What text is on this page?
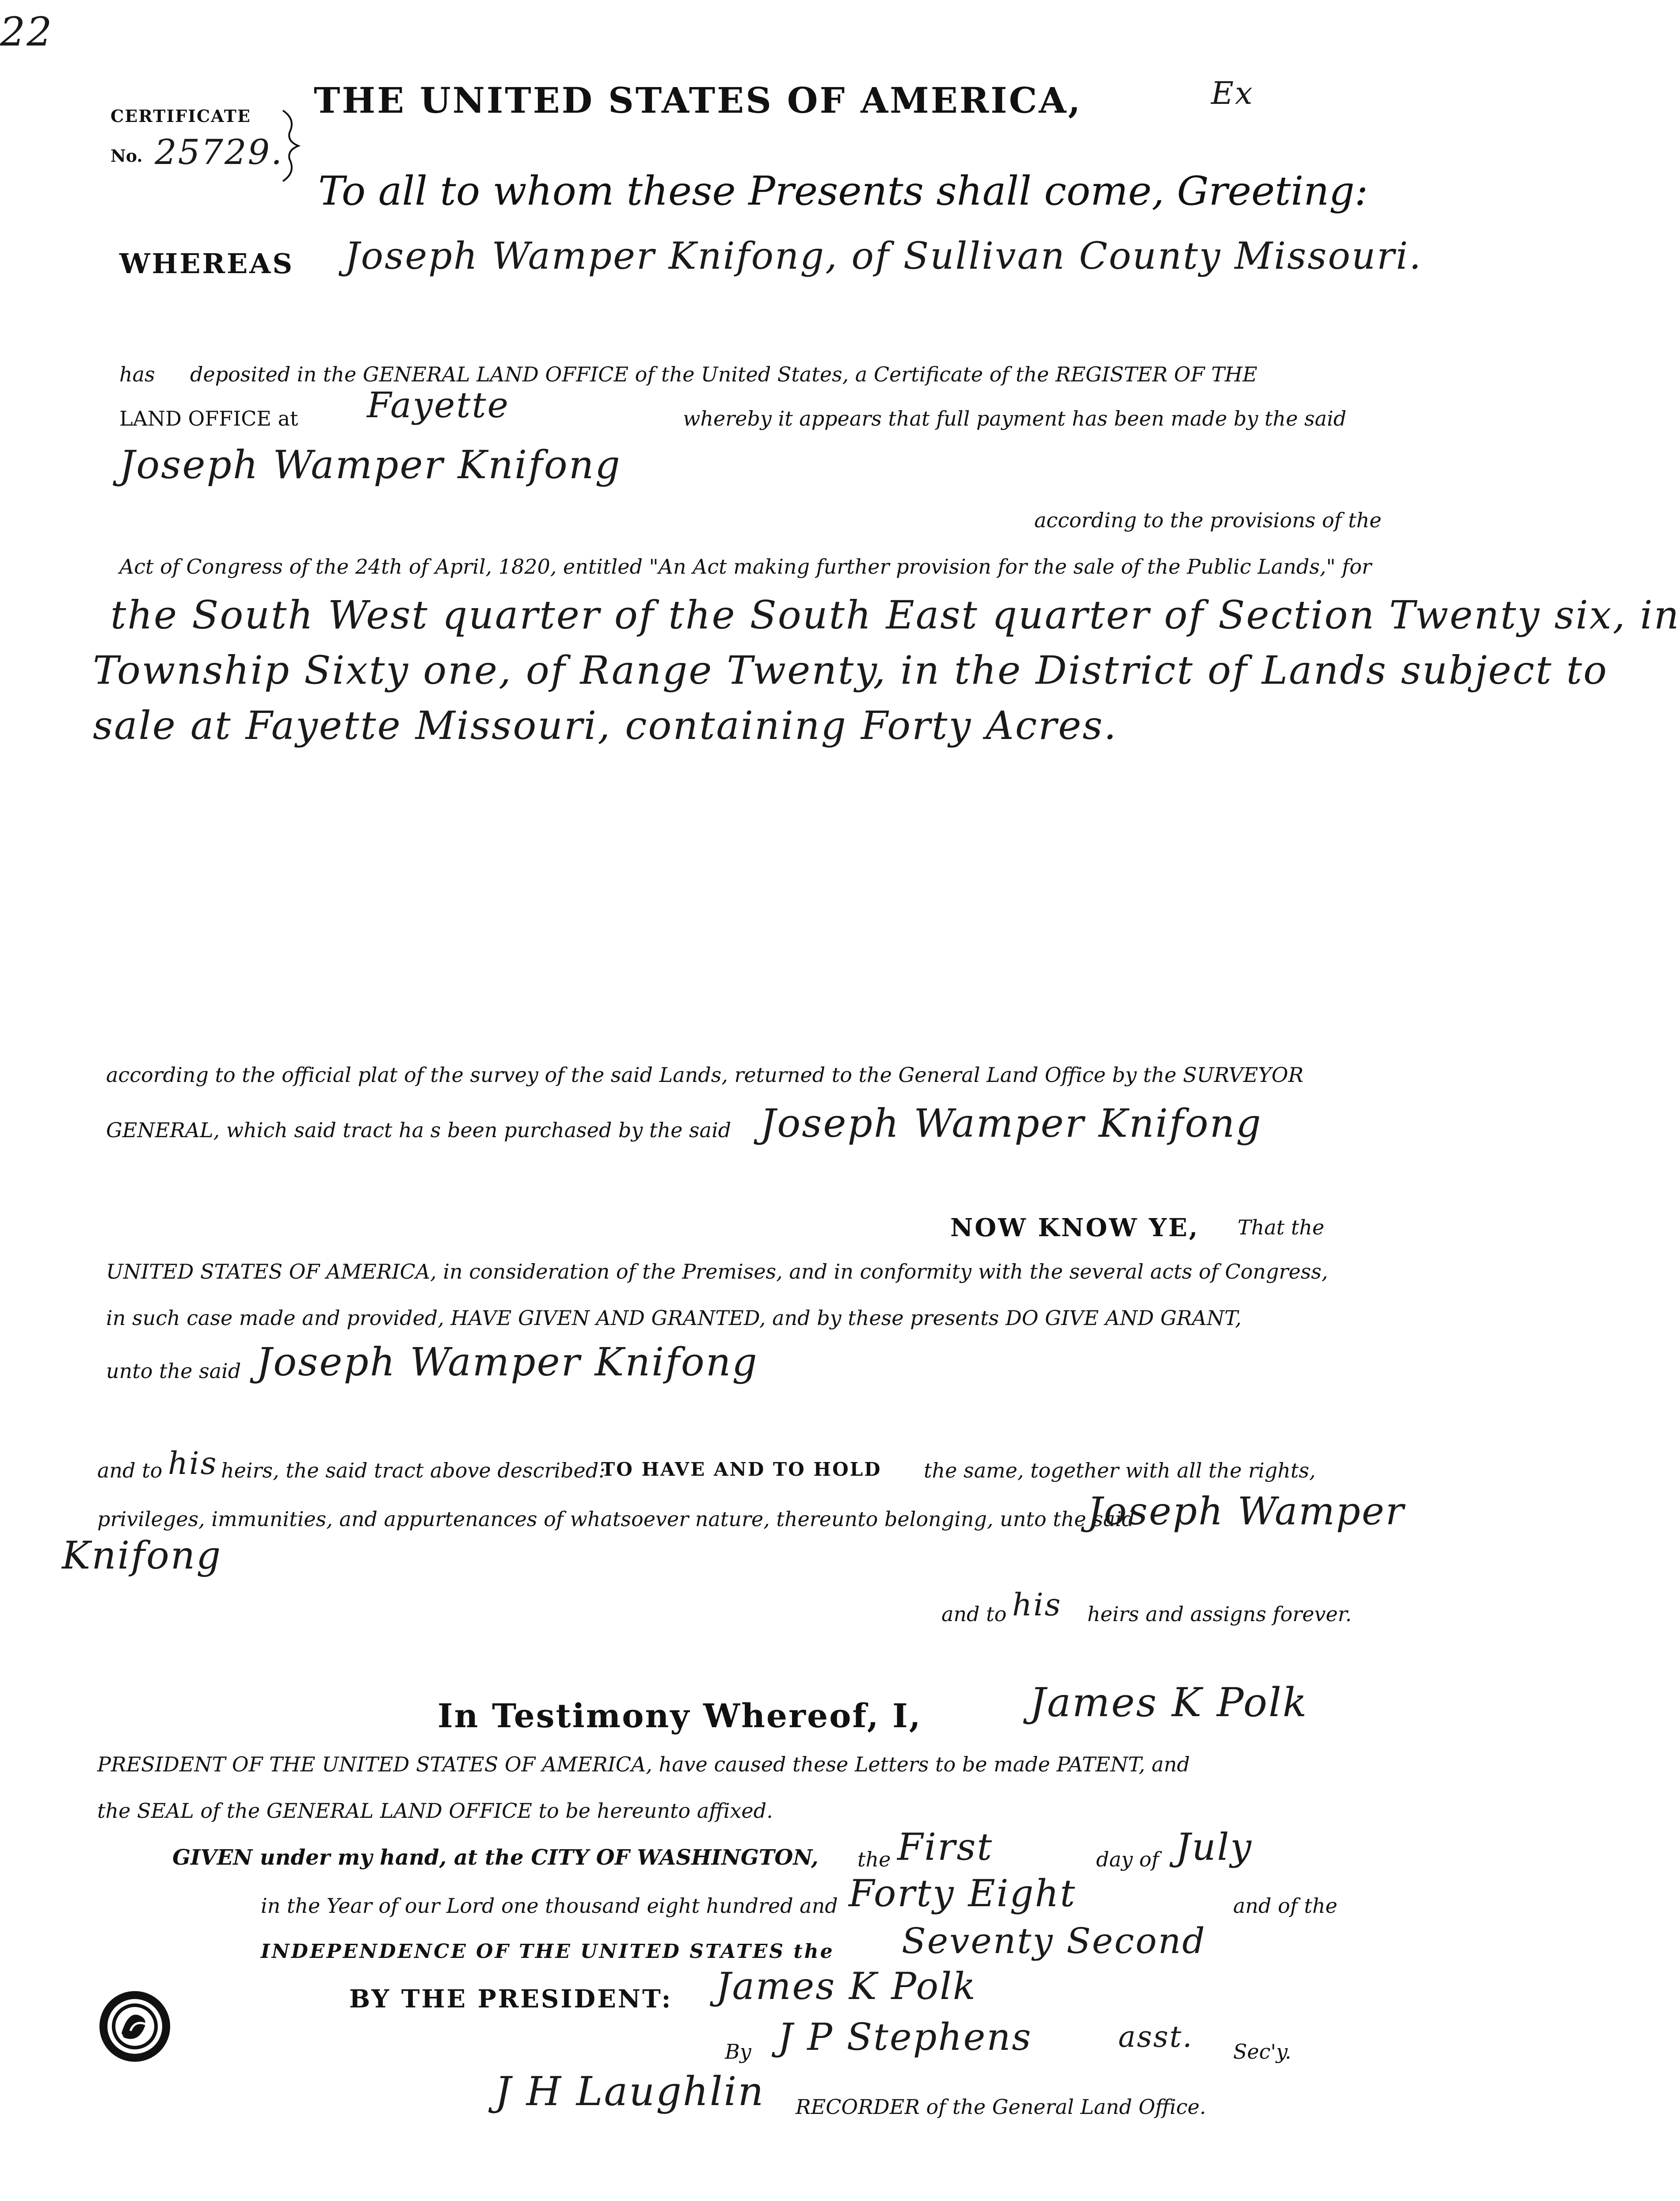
22
CERTIFICATE
No. 25729.
THE UNITED STATES OF AMERICA,	Ex
To all to whom these Presents shall come, Greeting:
WHEREAS Joseph Wamper Knifong, of Sullivan County Missouri.
has deposited in the GENERAL LAND OFFICE of the United States, a Certificate of the REGISTER OF THE
LAND OFFICE at Fayette	whereby it appears that full payment has been made by the said
Joseph Wamper Knifong
according to the provisions of the
Act of Congress of the 24th of April, 1820, entitled "An Act making further provision for the sale of the Public Lands," for
the South West quarter of the South East quarter of Section Twenty six, in
Township Sixty one, of Range Twenty, in the District of Lands subject to
sale at Fayette Missouri, containing Forty Acres.
according to the official plat of the survey of the said Lands, returned to the General Land Office by the SURVEYOR
GENERAL, which said tract ha s been purchased by the said Joseph Wamper Knifong
NOW KNOW YE, That the
UNITED STATES OF AMERICA, in consideration of the Premises, and in conformity with the several acts of Congress,
in such case made and provided, HAVE GIVEN AND GRANTED, and by these presents DO GIVE AND GRANT,
unto the said Joseph Wamper Knifong
and to his heirs, the said tract above described:
TO HAVE AND TO HOLD the same, together with all the rights,
privileges, immunities, and appurtenances of whatsoever nature, thereunto belonging, unto the said
Joseph Wamper
Knifong
and to his heirs and assigns forever.
In Testimony Whereof, I,	James K Polk
PRESIDENT OF THE UNITED STATES OF AMERICA, have caused these Letters to be made PATENT, and
the SEAL of the GENERAL LAND OFFICE to be hereunto affixed.
GIVEN under my hand, at the CITY OF WASHINGTON, the First	day of July
in the Year of our Lord one thousand eight hundred and Forty Eight	and of the
INDEPENDENCE OF THE UNITED STATES the Seventy Second
BY THE PRESIDENT: James K Polk
By J P Stephens	asst. Sec'y.
J H Laughlin RECORDER of the General Land Office.
